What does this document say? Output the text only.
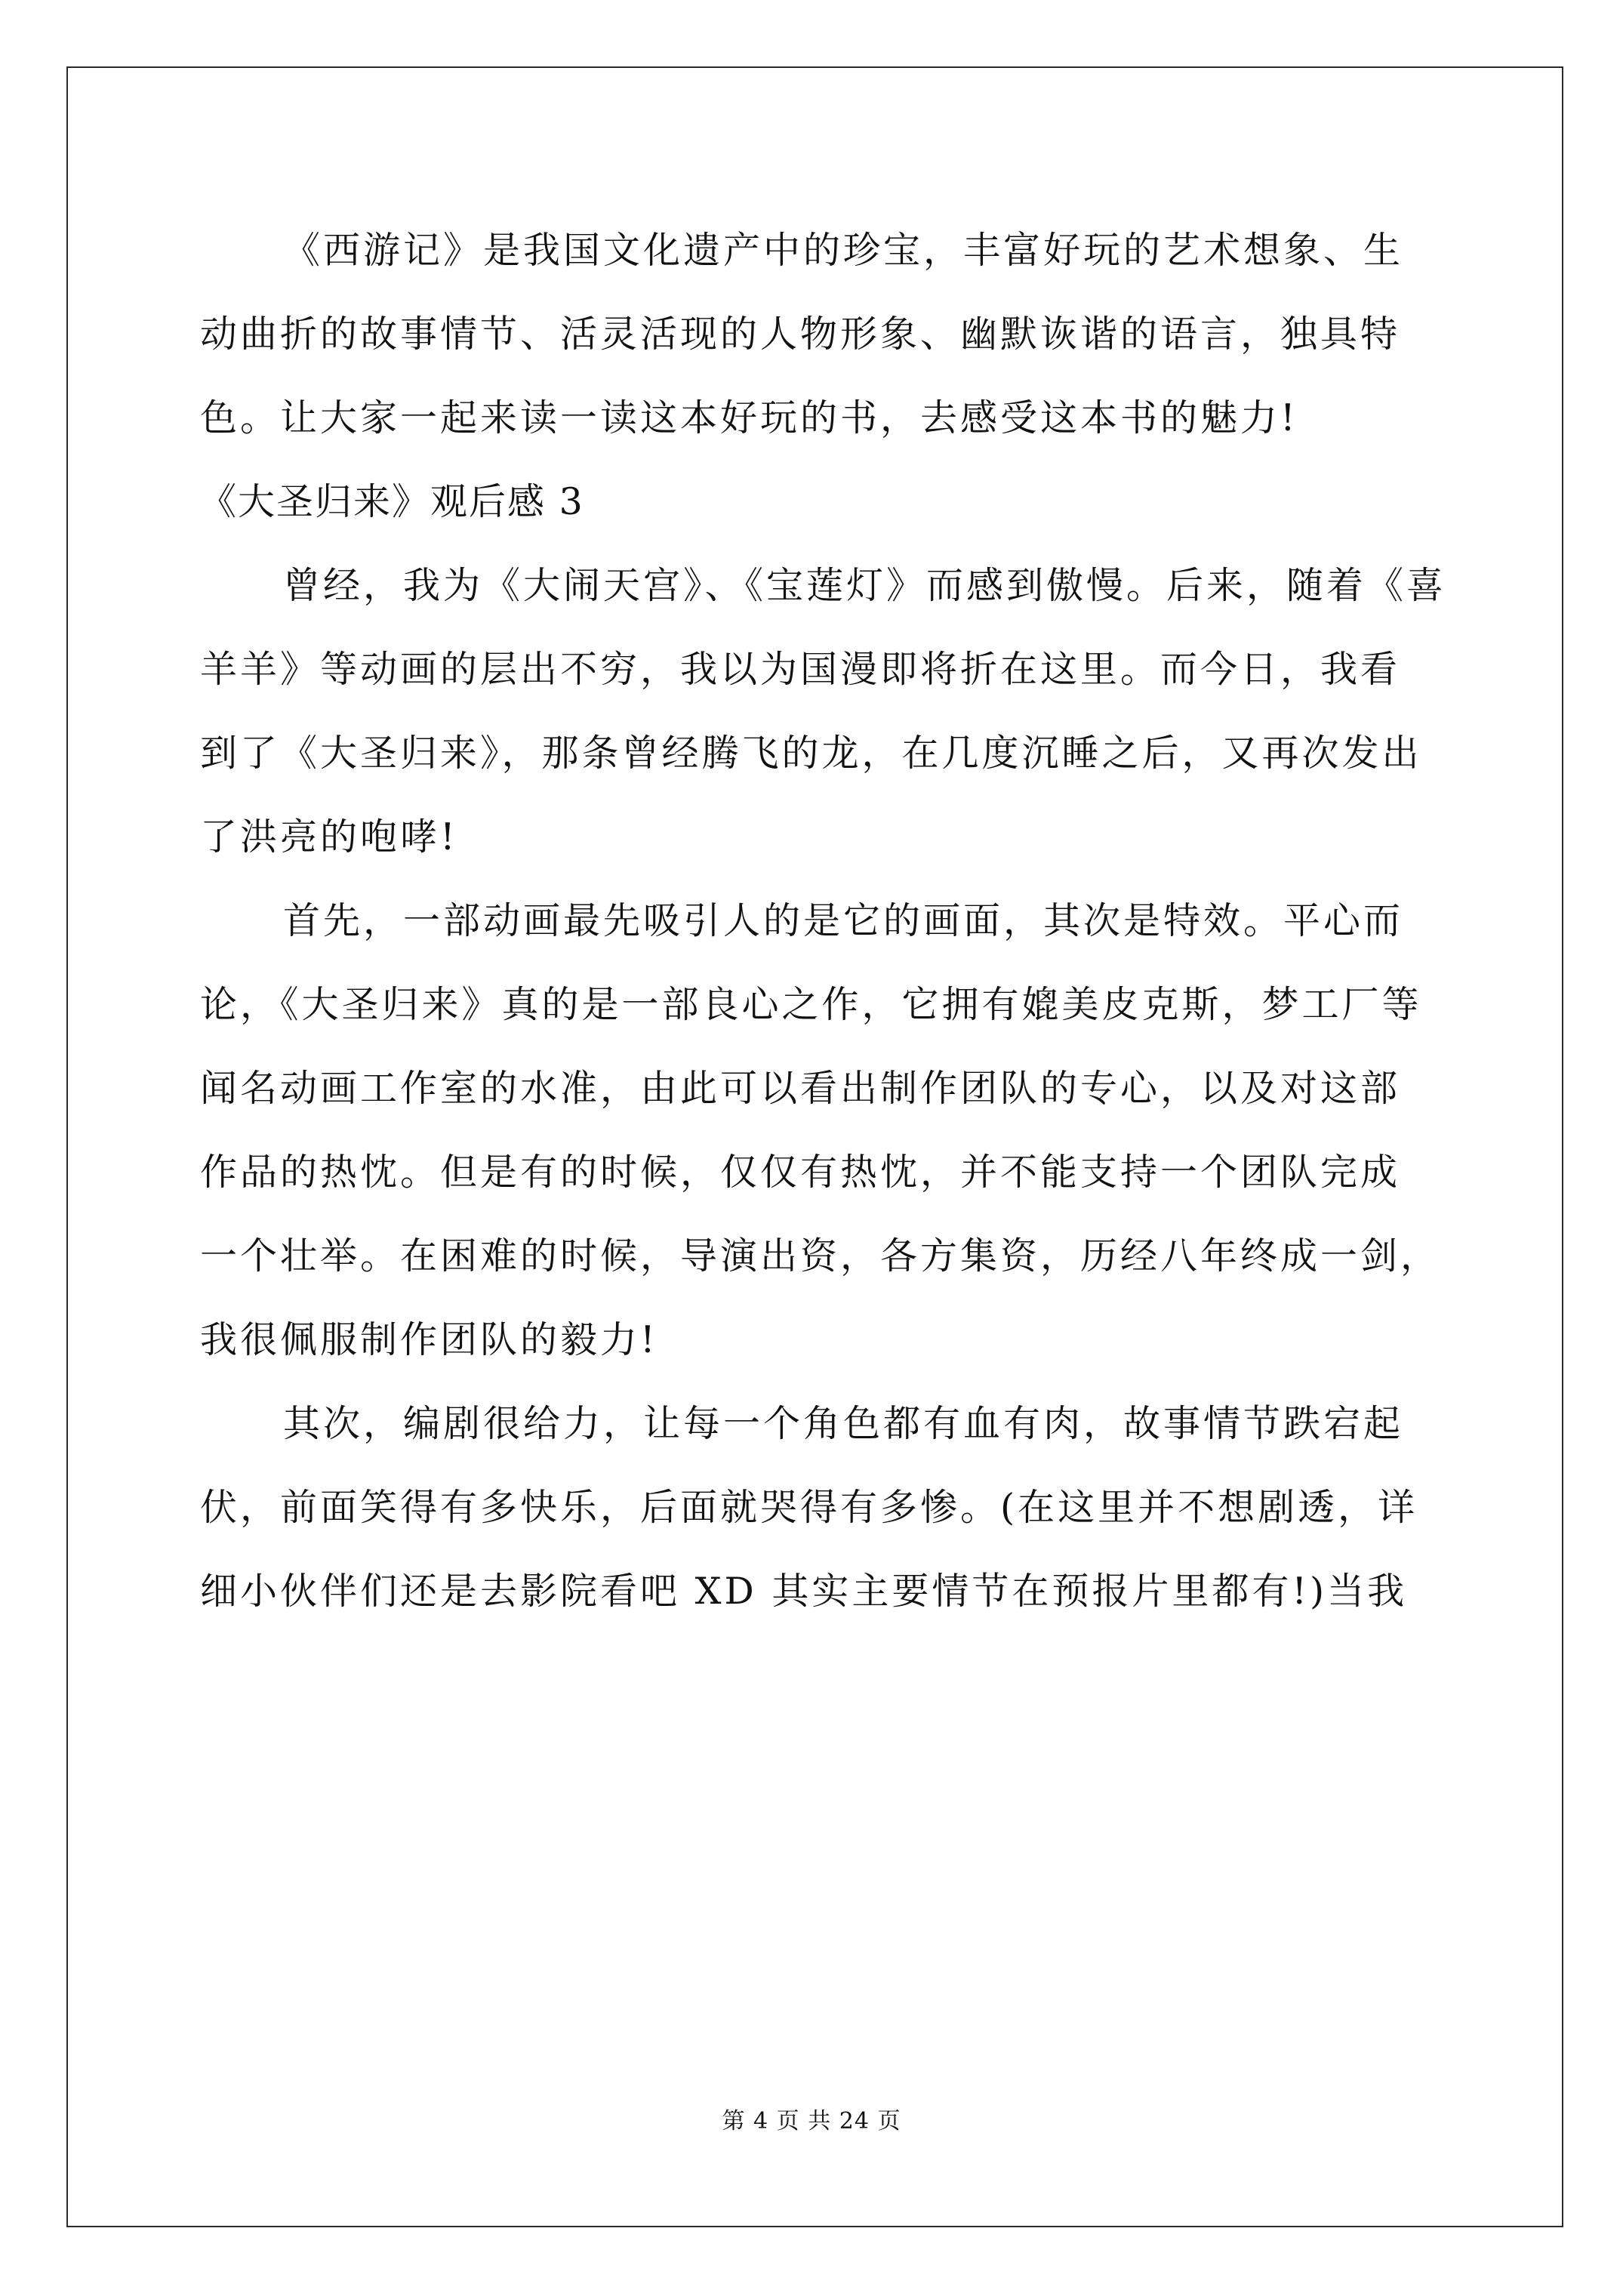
《西游记》是我国文化遗产中的珍宝，丰富好玩的艺术想象、生
动曲折的故事情节、活灵活现的人物形象、幽默诙谐的语言，独具特
色。让大家一起来读一读这本好玩的书，去感受这本书的魅力!
《大圣归来》观后感 3
曾经，我为《大闹天宫》、《宝莲灯》而感到傲慢。后来，随着《喜
羊羊》等动画的层出不穷，我以为国漫即将折在这里。而今日，我看
到了《大圣归来》，那条曾经腾飞的龙，在几度沉睡之后，又再次发出
了洪亮的咆哮!
首先，一部动画最先吸引人的是它的画面，其次是特效。平心而
论，《大圣归来》真的是一部良心之作，它拥有媲美皮克斯，梦工厂等
闻名动画工作室的水准，由此可以看出制作团队的专心，以及对这部
作品的热忱。但是有的时候，仅仅有热忱，并不能支持一个团队完成
一个壮举。在困难的时候，导演出资，各方集资，历经八年终成一剑，
我很佩服制作团队的毅力!
其次，编剧很给力，让每一个角色都有血有肉，故事情节跌宕起
伏，前面笑得有多快乐，后面就哭得有多惨。(在这里并不想剧透，详
细小伙伴们还是去影院看吧 XD 其实主要情节在预报片里都有!)当我
第 4 页 共 24 页
